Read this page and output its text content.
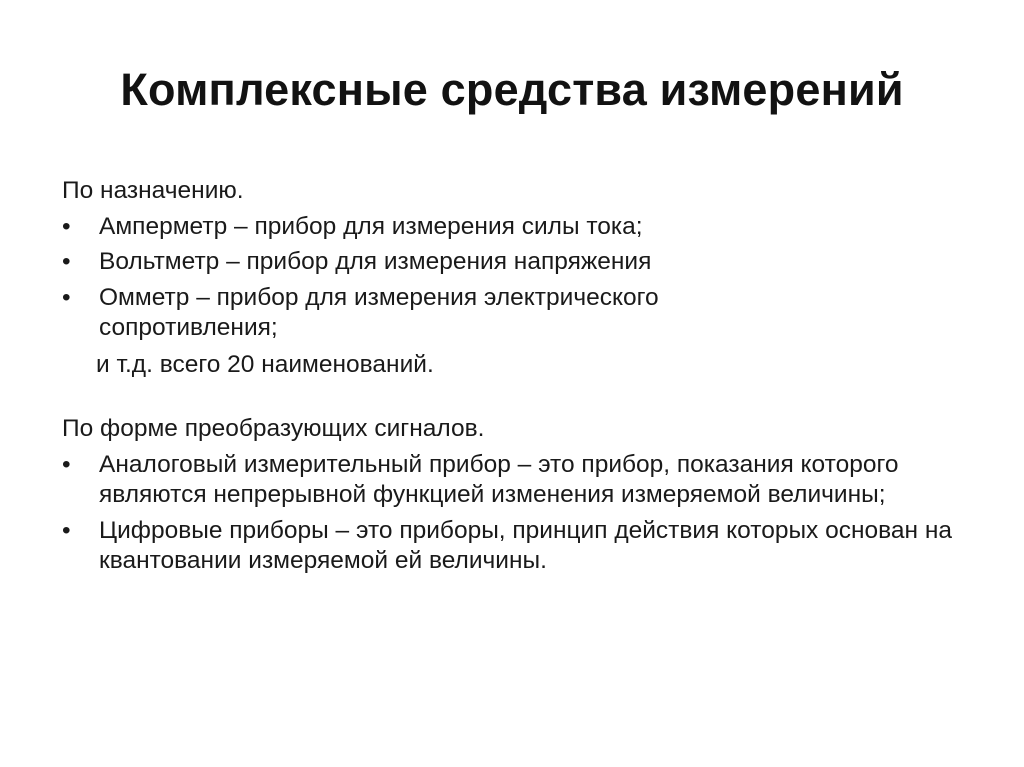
Комплексные средства измерений

По назначению.

• Амперметр – прибор для измерения силы тока;
• Вольтметр – прибор для измерения напряжения
• Омметр – прибор для измерения электрического сопротивления;
и т.д. всего 20 наименований.

По форме преобразующих сигналов.

• Аналоговый измерительный прибор – это прибор, показания которого являются непрерывной функцией изменения измеряемой величины;
• Цифровые приборы – это приборы, принцип действия которых основан на квантовании измеряемой ей величины.
